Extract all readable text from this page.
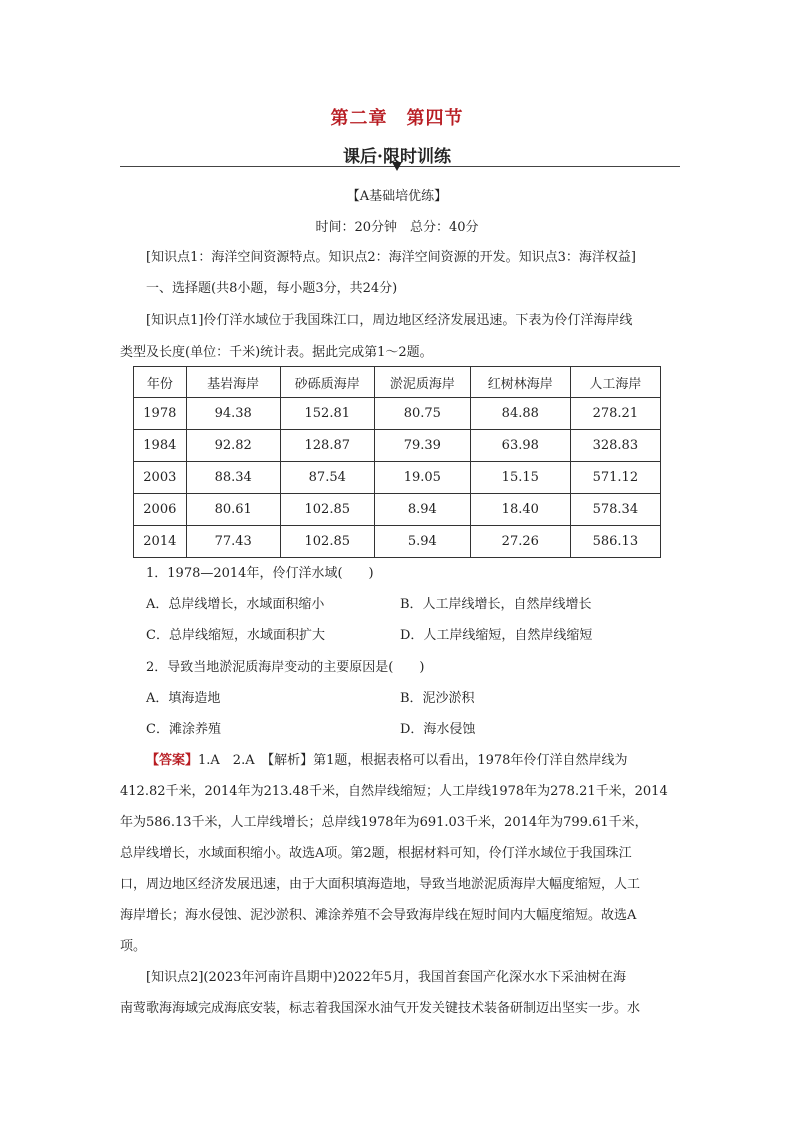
第二章　第四节
课后·限时训练
【A基础培优练】
时间：20分钟　总分：40分
[知识点1：海洋空间资源特点。知识点2：海洋空间资源的开发。知识点3：海洋权益]
一、选择题(共8小题，每小题3分，共24分)
[知识点1]伶仃洋水域位于我国珠江口，周边地区经济发展迅速。下表为伶仃洋海岸线
类型及长度(单位：千米)统计表。据此完成第1～2题。
年份	基岩海岸	砂砾质海岸	淤泥质海岸	红树林海岸	人工海岸
1978	94.38	152.81	80.75	84.88	278.21
1984	92.82	128.87	79.39	63.98	328.83
2003	88.34	87.54	19.05	15.15	571.12
2006	80.61	102.85	8.94	18.40	578.34
2014	77.43	102.85	5.94	27.26	586.13
1．1978—2014年，伶仃洋水域(　　)
A．总岸线增长，水域面积缩小	B．人工岸线增长，自然岸线增长
C．总岸线缩短，水域面积扩大	D．人工岸线缩短，自然岸线缩短
2．导致当地淤泥质海岸变动的主要原因是(　　)
A．填海造地	B．泥沙淤积
C．滩涂养殖	D．海水侵蚀
【答案】1.A　2.A　【解析】第1题，根据表格可以看出，1978年伶仃洋自然岸线为
412.82千米，2014年为213.48千米，自然岸线缩短；人工岸线1978年为278.21千米，2014
年为586.13千米，人工岸线增长；总岸线1978年为691.03千米，2014年为799.61千米，
总岸线增长，水域面积缩小。故选A项。第2题，根据材料可知，伶仃洋水域位于我国珠江
口，周边地区经济发展迅速，由于大面积填海造地，导致当地淤泥质海岸大幅度缩短，人工
海岸增长；海水侵蚀、泥沙淤积、滩涂养殖不会导致海岸线在短时间内大幅度缩短。故选A
项。
[知识点2](2023年河南许昌期中)2022年5月，我国首套国产化深水水下采油树在海
南莺歌海海域完成海底安装，标志着我国深水油气开发关键技术装备研制迈出坚实一步。水
